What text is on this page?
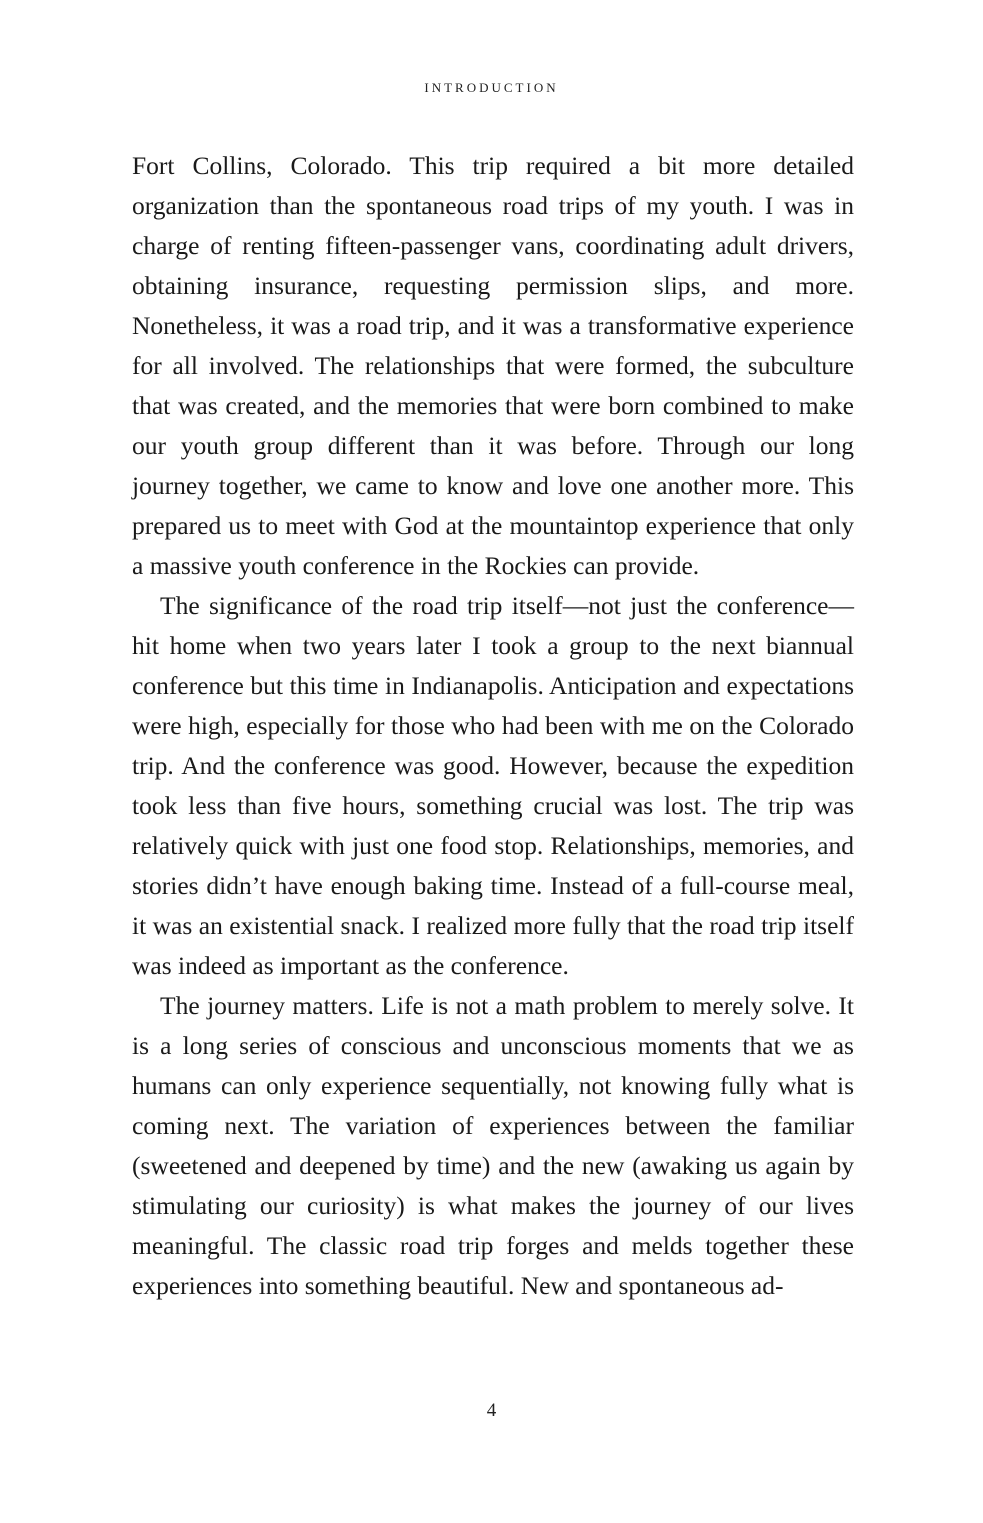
INTRODUCTION

Fort Collins, Colorado. This trip required a bit more detailed organization than the spontaneous road trips of my youth. I was in charge of renting fifteen-passenger vans, coordinating adult drivers, obtaining insurance, requesting permission slips, and more. Nonetheless, it was a road trip, and it was a transformative experience for all involved. The relationships that were formed, the subculture that was created, and the memories that were born combined to make our youth group different than it was before. Through our long journey together, we came to know and love one another more. This prepared us to meet with God at the mountaintop experience that only a massive youth conference in the Rockies can provide.

The significance of the road trip itself—not just the conference—hit home when two years later I took a group to the next biannual conference but this time in Indianapolis. Anticipation and expectations were high, especially for those who had been with me on the Colorado trip. And the conference was good. However, because the expedition took less than five hours, something crucial was lost. The trip was relatively quick with just one food stop. Relationships, memories, and stories didn’t have enough baking time. Instead of a full-course meal, it was an existential snack. I realized more fully that the road trip itself was indeed as important as the conference.

The journey matters. Life is not a math problem to merely solve. It is a long series of conscious and unconscious moments that we as humans can only experience sequentially, not knowing fully what is coming next. The variation of experiences between the familiar (sweetened and deepened by time) and the new (awaking us again by stimulating our curiosity) is what makes the journey of our lives meaningful. The classic road trip forges and melds together these experiences into something beautiful. New and spontaneous ad-

4
